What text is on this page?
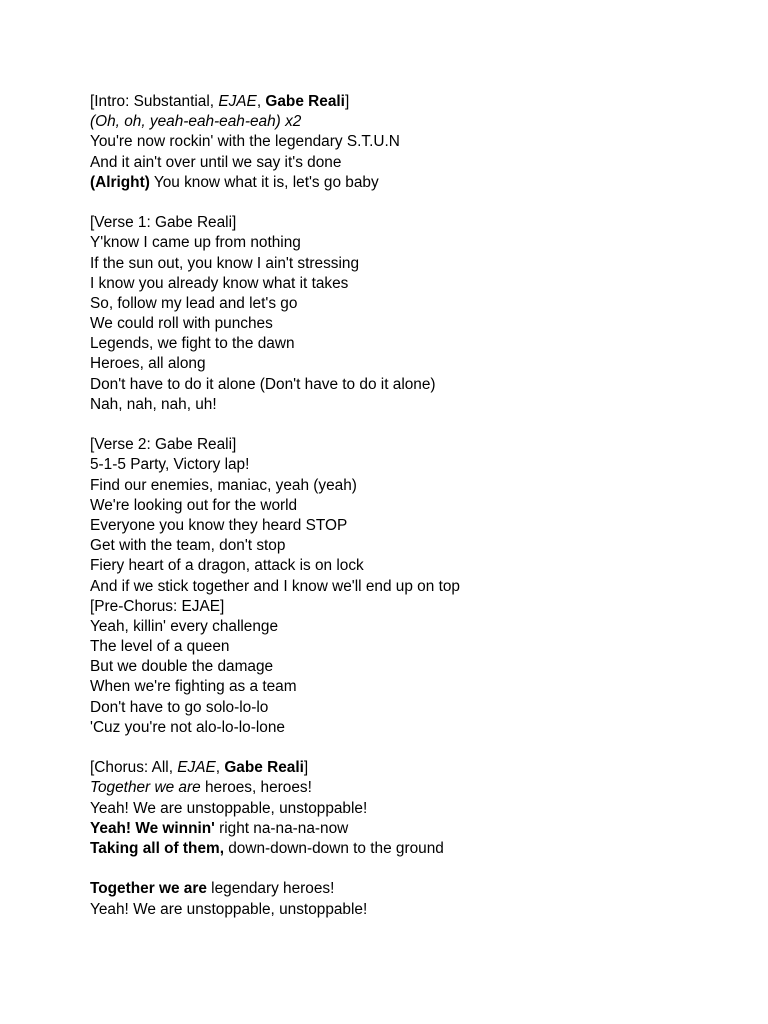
[Intro: Substantial, EJAE, Gabe Reali]
(Oh, oh, yeah-eah-eah-eah) x2
You're now rockin' with the legendary S.T.U.N
And it ain't over until we say it's done
(Alright) You know what it is, let's go baby
[Verse 1: Gabe Reali]
Y'know I came up from nothing
If the sun out, you know I ain't stressing
I know you already know what it takes
So, follow my lead and let's go
We could roll with punches
Legends, we fight to the dawn
Heroes, all along
Don't have to do it alone (Don't have to do it alone)
Nah, nah, nah, uh!
[Verse 2: Gabe Reali]
5-1-5 Party, Victory lap!
Find our enemies, maniac, yeah (yeah)
We're looking out for the world
Everyone you know they heard STOP
Get with the team, don't stop
Fiery heart of a dragon, attack is on lock
And if we stick together and I know we'll end up on top
[Pre-Chorus: EJAE]
Yeah, killin' every challenge
The level of a queen
But we double the damage
When we're fighting as a team
Don't have to go solo-lo-lo
'Cuz you're not alo-lo-lo-lone
[Chorus: All, EJAE, Gabe Reali]
Together we are heroes, heroes!
Yeah! We are unstoppable, unstoppable!
Yeah! We winnin' right na-na-na-now
Taking all of them, down-down-down to the ground
Together we are legendary heroes!
Yeah! We are unstoppable, unstoppable!
